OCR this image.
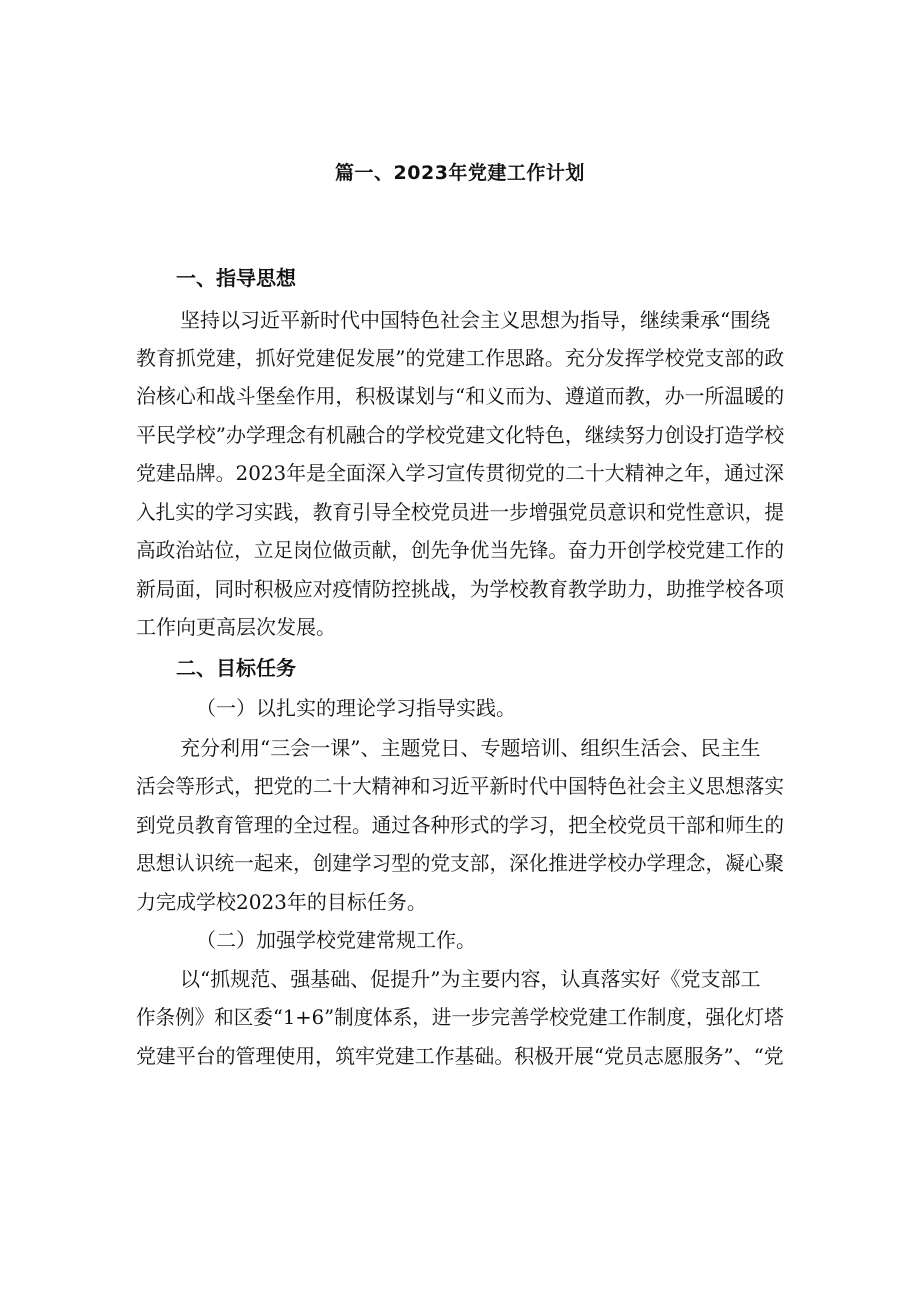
篇一、2023年党建工作计划
一、指导思想
坚持以习近平新时代中国特色社会主义思想为指导，继续秉承“围绕
教育抓党建，抓好党建促发展”的党建工作思路。充分发挥学校党支部的政
治核心和战斗堡垒作用，积极谋划与“和义而为、遵道而教，办一所温暖的
平民学校”办学理念有机融合的学校党建文化特色，继续努力创设打造学校
党建品牌。2023年是全面深入学习宣传贯彻党的二十大精神之年，通过深
入扎实的学习实践，教育引导全校党员进一步增强党员意识和党性意识，提
高政治站位，立足岗位做贡献，创先争优当先锋。奋力开创学校党建工作的
新局面，同时积极应对疫情防控挑战，为学校教育教学助力，助推学校各项
工作向更高层次发展。
二、目标任务
（一）以扎实的理论学习指导实践。
充分利用“三会一课”、主题党日、专题培训、组织生活会、民主生
活会等形式，把党的二十大精神和习近平新时代中国特色社会主义思想落实
到党员教育管理的全过程。通过各种形式的学习，把全校党员干部和师生的
思想认识统一起来，创建学习型的党支部，深化推进学校办学理念，凝心聚
力完成学校2023年的目标任务。
（二）加强学校党建常规工作。
以“抓规范、强基础、促提升”为主要内容，认真落实好《党支部工
作条例》和区委“1+6”制度体系，进一步完善学校党建工作制度，强化灯塔
党建平台的管理使用，筑牢党建工作基础。积极开展“党员志愿服务”、“党
